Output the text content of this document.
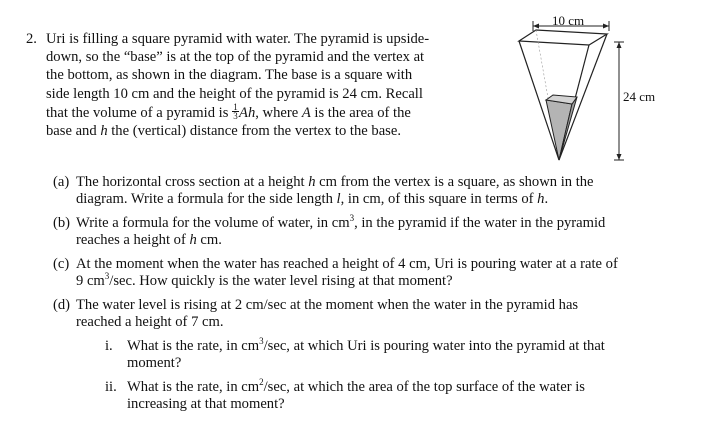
2. Uri is filling a square pyramid with water. The pyramid is upside-
down, so the “base” is at the top of the pyramid and the vertex at
the bottom, as shown in the diagram. The base is a square with
side length 10 cm and the height of the pyramid is 24 cm. Recall
that the volume of a pyramid is $\frac{1}{3} Ah$, where A is the area of the
base and h the (vertical) distance from the vertex to the base.
10 cm
24 cm
(a) The horizontal cross section at a height h cm from the vertex is a square, as shown in the
diagram. Write a formula for the side length l, in cm, of this square in terms of h.
(b) Write a formula for the volume of water, in $cm^3$, in the pyramid if the water in the pyramid
reaches a height of h cm.
(c) At the moment when the water has reached a height of 4 cm, Uri is pouring water at a rate of
9 $cm^3/\sec$. How quickly is the water level rising at that moment?
(d) The water level is rising at 2 cm/sec at the moment when the water in the pyramid has
reached a height of 7 cm.
i. What is the rate, in $cm^3/\sec$, at which Uri is pouring water into the pyramid at that
moment?
ii. What is the rate, in $cm^2/\sec$, at which the area of the top surface of the water is
increasing at that moment?
